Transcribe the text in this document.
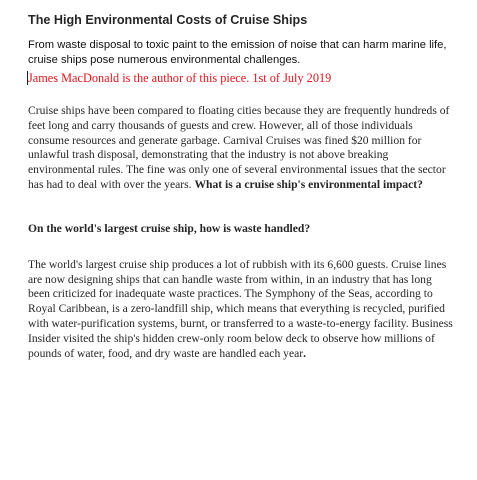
The High Environmental Costs of Cruise Ships
From waste disposal to toxic paint to the emission of noise that can harm marine life, cruise ships pose numerous environmental challenges.
James MacDonald is the author of this piece. 1st of July 2019

Cruise ships have been compared to floating cities because they are frequently hundreds of feet long and carry thousands of guests and crew. However, all of those individuals consume resources and generate garbage. Carnival Cruises was fined $20 million for unlawful trash disposal, demonstrating that the industry is not above breaking environmental rules. The fine was only one of several environmental issues that the sector has had to deal with over the years. What is a cruise ship's environmental impact?

On the world's largest cruise ship, how is waste handled?

The world's largest cruise ship produces a lot of rubbish with its 6,600 guests. Cruise lines are now designing ships that can handle waste from within, in an industry that has long been criticized for inadequate waste practices. The Symphony of the Seas, according to Royal Caribbean, is a zero-landfill ship, which means that everything is recycled, purified with water-purification systems, burnt, or transferred to a waste-to-energy facility. Business Insider visited the ship's hidden crew-only room below deck to observe how millions of pounds of water, food, and dry waste are handled each year.
